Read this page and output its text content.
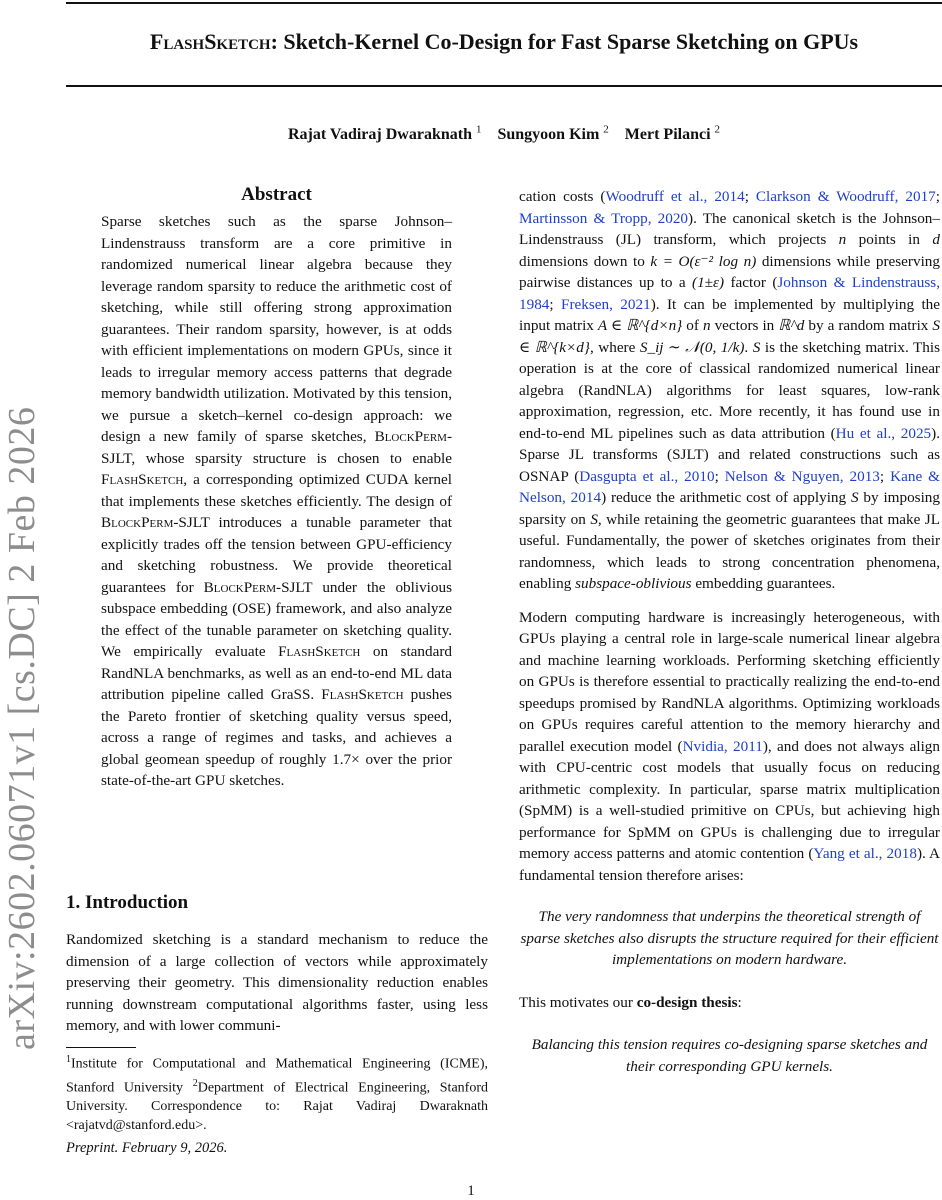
FlashSketch: Sketch-Kernel Co-Design for Fast Sparse Sketching on GPUs
Rajat Vadiraj Dwaraknath $^1$ Sungyoon Kim $^2$ Mert Pilanci $^2$
arXiv:2602.06071v1 [cs.DC] 2 Feb 2026
Abstract

Sparse sketches such as the sparse Johnson–Lindenstrauss transform are a core primitive in randomized numerical linear algebra because they leverage random sparsity to reduce the arithmetic cost of sketching, while still offering strong approximation guarantees. Their random sparsity, however, is at odds with efficient implementations on modern GPUs, since it leads to irregular memory access patterns that degrade memory bandwidth utilization. Motivated by this tension, we pursue a sketch–kernel co-design approach: we design a new family of sparse sketches, BlockPerm-SJLT, whose sparsity structure is chosen to enable FlashSketch, a corresponding optimized CUDA kernel that implements these sketches efficiently. The design of BlockPerm-SJLT introduces a tunable parameter that explicitly trades off the tension between GPU-efficiency and sketching robustness. We provide theoretical guarantees for BlockPerm-SJLT under the oblivious subspace embedding (OSE) framework, and also analyze the effect of the tunable parameter on sketching quality. We empirically evaluate FlashSketch on standard RandNLA benchmarks, as well as an end-to-end ML data attribution pipeline called GraSS. FlashSketch pushes the Pareto frontier of sketching quality versus speed, across a range of regimes and tasks, and achieves a global geomean speedup of roughly 1.7× over the prior state-of-the-art GPU sketches.

1. Introduction

Randomized sketching is a standard mechanism to reduce the dimension of a large collection of vectors while approximately preserving their geometry. This dimensionality reduction enables running downstream computational algorithms faster, using less memory, and with lower communi-

$^1$Institute for Computational and Mathematical Engineering (ICME), Stanford University $^2$Department of Electrical Engineering, Stanford University. Correspondence to: Rajat Vadiraj Dwaraknath <rajatvd@stanford.edu>.

Preprint. February 9, 2026.
1

cation costs (Woodruff et al., 2014; Clarkson & Woodruff, 2017; Martinsson & Tropp, 2020). The canonical sketch is the Johnson–Lindenstrauss (JL) transform, which projects n points in d dimensions down to k = O(ε⁻² log n) dimensions while preserving pairwise distances up to a (1±ε) factor (Johnson & Lindenstrauss, 1984; Freksen, 2021). It can be implemented by multiplying the input matrix A ∈ ℝ^{d×n} of n vectors in ℝ^d by a random matrix S ∈ ℝ^{k×d}, where S_ij ∼ 𝒩(0, 1/k). S is the sketching matrix. This operation is at the core of classical randomized numerical linear algebra (RandNLA) algorithms for least squares, low-rank approximation, regression, etc. More recently, it has found use in end-to-end ML pipelines such as data attribution (Hu et al., 2025). Sparse JL transforms (SJLT) and related constructions such as OSNAP (Dasgupta et al., 2010; Nelson & Nguyen, 2013; Kane & Nelson, 2014) reduce the arithmetic cost of applying S by imposing sparsity on S, while retaining the geometric guarantees that make JL useful. Fundamentally, the power of sketches originates from their randomness, which leads to strong concentration phenomena, enabling subspace-oblivious embedding guarantees.

Modern computing hardware is increasingly heterogeneous, with GPUs playing a central role in large-scale numerical linear algebra and machine learning workloads. Performing sketching efficiently on GPUs is therefore essential to practically realizing the end-to-end speedups promised by RandNLA algorithms. Optimizing workloads on GPUs requires careful attention to the memory hierarchy and parallel execution model (Nvidia, 2011), and does not always align with CPU-centric cost models that usually focus on reducing arithmetic complexity. In particular, sparse matrix multiplication (SpMM) is a well-studied primitive on CPUs, but achieving high performance for SpMM on GPUs is challenging due to irregular memory access patterns and atomic contention (Yang et al., 2018). A fundamental tension therefore arises:

The very randomness that underpins the theoretical strength of sparse sketches also disrupts the structure required for their efficient implementations on modern hardware.

This motivates our co-design thesis:

Balancing this tension requires co-designing sparse sketches and their corresponding GPU kernels.
